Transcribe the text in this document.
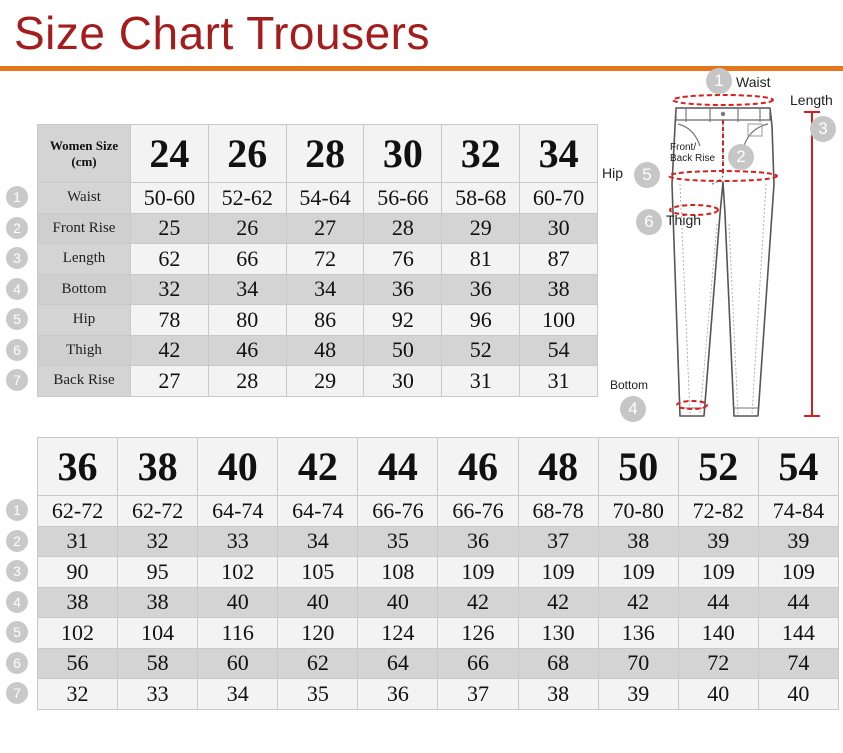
Size Chart Trousers
Women Size (cm)	24	26	28	30	32	34
Waist	50-60	52-62	54-64	56-66	58-68	60-70
Front Rise	25	26	27	28	29	30
Length	62	66	72	76	81	87
Bottom	32	34	34	36	36	38
Hip	78	80	86	92	96	100
Thigh	42	46	48	50	52	54
Back Rise	27	28	29	30	31	31
1
2
3
4
5
6
7
36	38	40	42	44	46	48	50	52	54
62-72	62-72	64-74	64-74	66-76	66-76	68-78	70-80	72-82	74-84
31	32	33	34	35	36	37	38	39	39
90	95	102	105	108	109	109	109	109	109
38	38	40	40	40	42	42	42	44	44
102	104	116	120	124	126	130	136	140	144
56	58	60	62	64	66	68	70	72	74
32	33	34	35	36	37	38	39	40	40
1
2
3
4
5
6
7
1 Waist
Front/
Back Rise	2
Length
3
Hip	5
6 Thigh
Bottom
4
